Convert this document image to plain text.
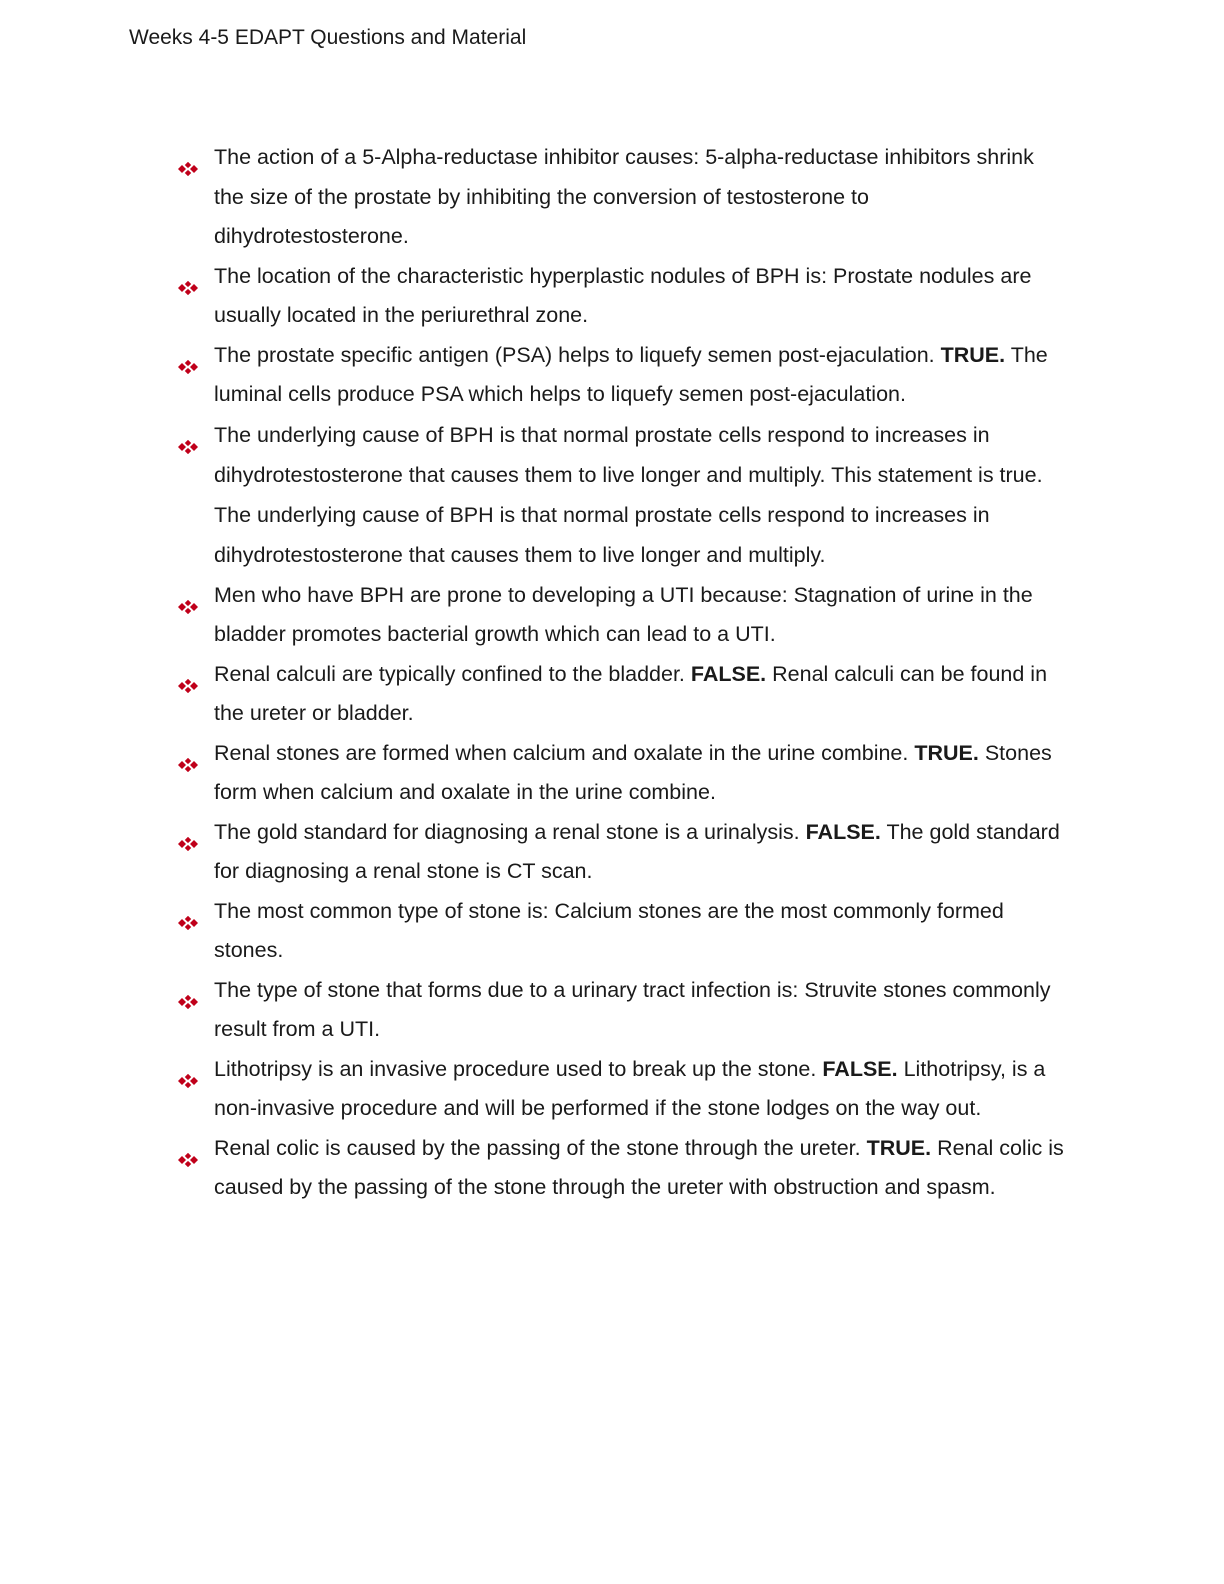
Weeks 4-5 EDAPT Questions and Material
The action of a 5-Alpha-reductase inhibitor causes: 5-alpha-reductase inhibitors shrink the size of the prostate by inhibiting the conversion of testosterone to dihydrotestosterone.
The location of the characteristic hyperplastic nodules of BPH is: Prostate nodules are usually located in the periurethral zone.
The prostate specific antigen (PSA) helps to liquefy semen post-ejaculation. TRUE. The luminal cells produce PSA which helps to liquefy semen post-ejaculation.
The underlying cause of BPH is that normal prostate cells respond to increases in dihydrotestosterone that causes them to live longer and multiply. This statement is true. The underlying cause of BPH is that normal prostate cells respond to increases in dihydrotestosterone that causes them to live longer and multiply.
Men who have BPH are prone to developing a UTI because: Stagnation of urine in the bladder promotes bacterial growth which can lead to a UTI.
Renal calculi are typically confined to the bladder. FALSE. Renal calculi can be found in the ureter or bladder.
Renal stones are formed when calcium and oxalate in the urine combine. TRUE. Stones form when calcium and oxalate in the urine combine.
The gold standard for diagnosing a renal stone is a urinalysis. FALSE. The gold standard for diagnosing a renal stone is CT scan.
The most common type of stone is: Calcium stones are the most commonly formed stones.
The type of stone that forms due to a urinary tract infection is: Struvite stones commonly result from a UTI.
Lithotripsy is an invasive procedure used to break up the stone. FALSE. Lithotripsy, is a non-invasive procedure and will be performed if the stone lodges on the way out.
Renal colic is caused by the passing of the stone through the ureter. TRUE. Renal colic is caused by the passing of the stone through the ureter with obstruction and spasm.
